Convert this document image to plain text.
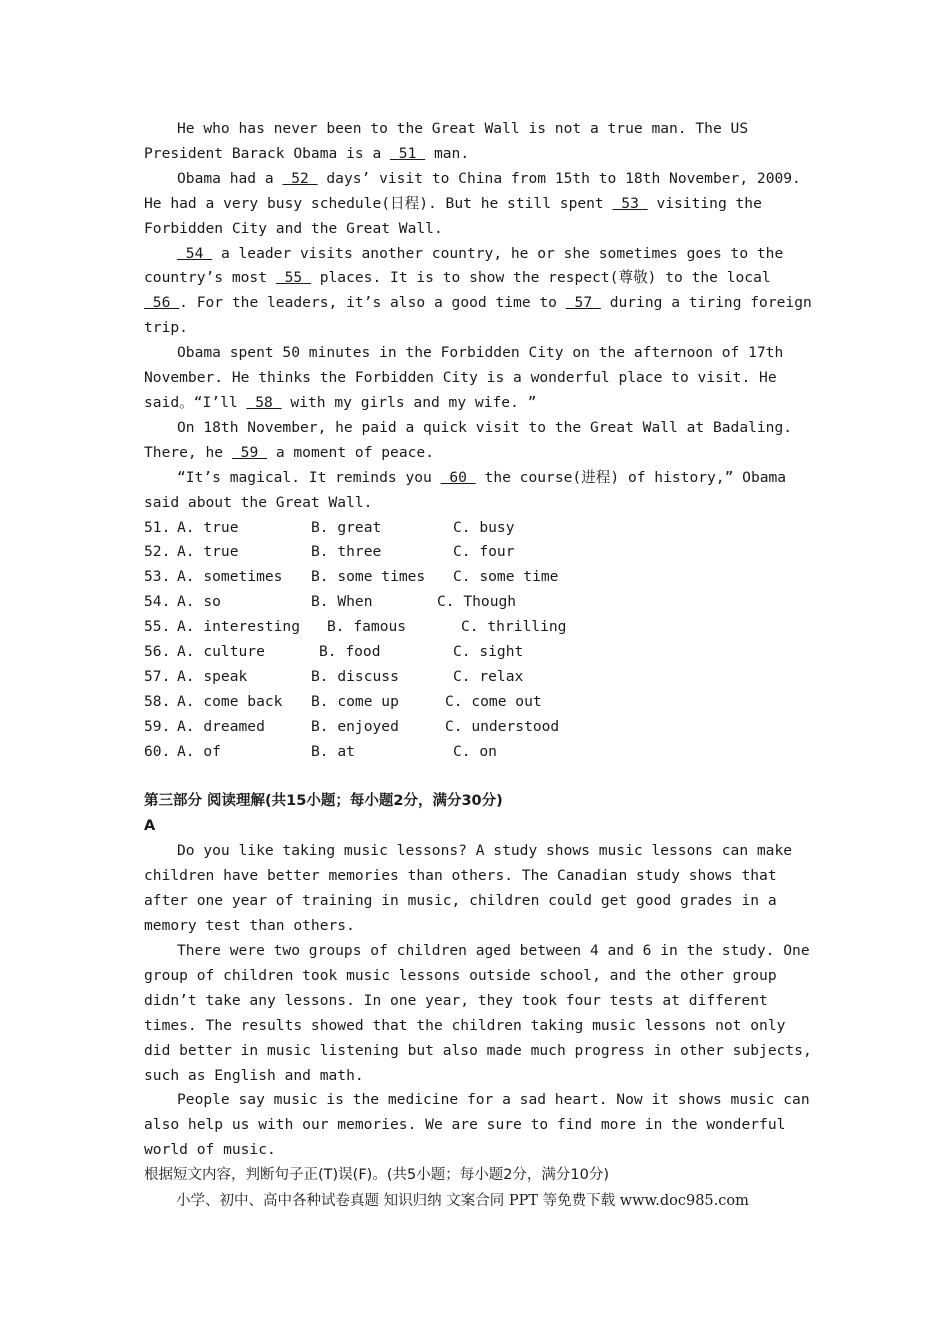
He who has never been to the Great Wall is not a true man. The US President Barack Obama is a  51  man.

Obama had a  52  days’ visit to China from 15th to 18th November, 2009. He had a very busy schedule(日程). But he still spent  53  visiting the Forbidden City and the Great Wall.

54  a leader visits another country, he or she sometimes goes to the country’s most  55  places. It is to show the respect(尊敬) to the local  56 . For the leaders, it’s also a good time to  57  during a tiring foreign trip.

Obama spent 50 minutes in the Forbidden City on the afternoon of 17th November. He thinks the Forbidden City is a wonderful place to visit. He said。“I’ll  58  with my girls and my wife. ”

On 18th November, he paid a quick visit to the Great Wall at Badaling. There, he  59  a moment of peace.

“It’s magical. It reminds you  60  the course(进程) of history,” Obama said about the Great Wall.

51. A. true	B. great	C. busy
52. A. true	B. three	C. four
53. A. sometimes	B. some times	C. some time
54. A. so	B. When	C. Though
55. A. interesting	B. famous	C. thrilling
56. A. culture	B. food	C. sight
57. A. speak	B. discuss	C. relax
58. A. come back	B. come up	C. come out
59. A. dreamed	B. enjoyed	C. understood
60. A. of	B. at	C. on

第三部分 阅读理解(共15小题；每小题2分，满分30分)

A

Do you like taking music lessons? A study shows music lessons can make children have better memories than others. The Canadian study shows that after one year of training in music, children could get good grades in a memory test than others.

There were two groups of children aged between 4 and 6 in the study. One group of children took music lessons outside school, and the other group didn’t take any lessons. In one year, they took four tests at different times. The results showed that the children taking music lessons not only did better in music listening but also made much progress in other subjects, such as English and math.

People say music is the medicine for a sad heart. Now it shows music can also help us with our memories. We are sure to find more in the wonderful world of music.

根据短文内容，判断句子正(T)误(F)。(共5小题；每小题2分，满分10分)

小学、初中、高中各种试卷真题 知识归纳 文案合同 PPT 等免费下载 www.doc985.com
